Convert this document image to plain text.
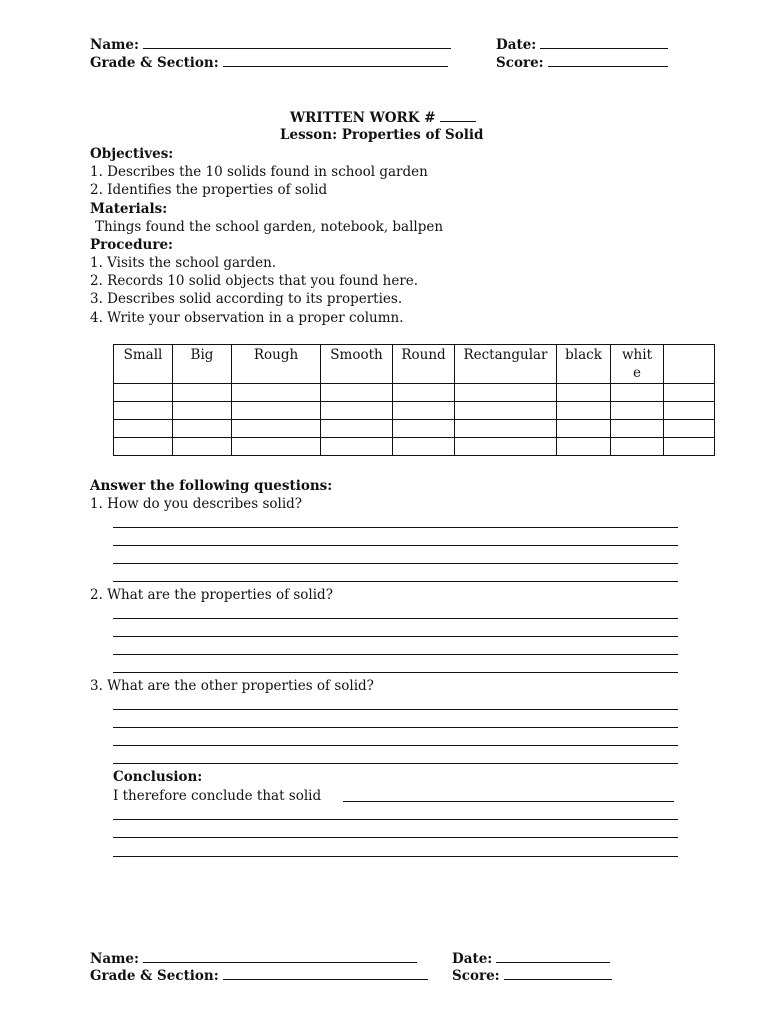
Name:	Date:
Grade & Section:	Score:
WRITTEN WORK #
Lesson: Properties of Solid
Objectives:
1. Describes the 10 solids found in school garden
2. Identifies the properties of solid
Materials:
Things found the school garden, notebook, ballpen
Procedure:
1. Visits the school garden.
2. Records 10 solid objects that you found here.
3. Describes solid according to its properties.
4. Write your observation in a proper column.
Small	Big	Rough	Smooth	Round	Rectangular	black	white	

Answer the following questions:
1. How do you describes solid?
2. What are the properties of solid?
3. What are the other properties of solid?
Conclusion:
I therefore conclude that solid
Name:	Date:
Grade & Section:	Score:
